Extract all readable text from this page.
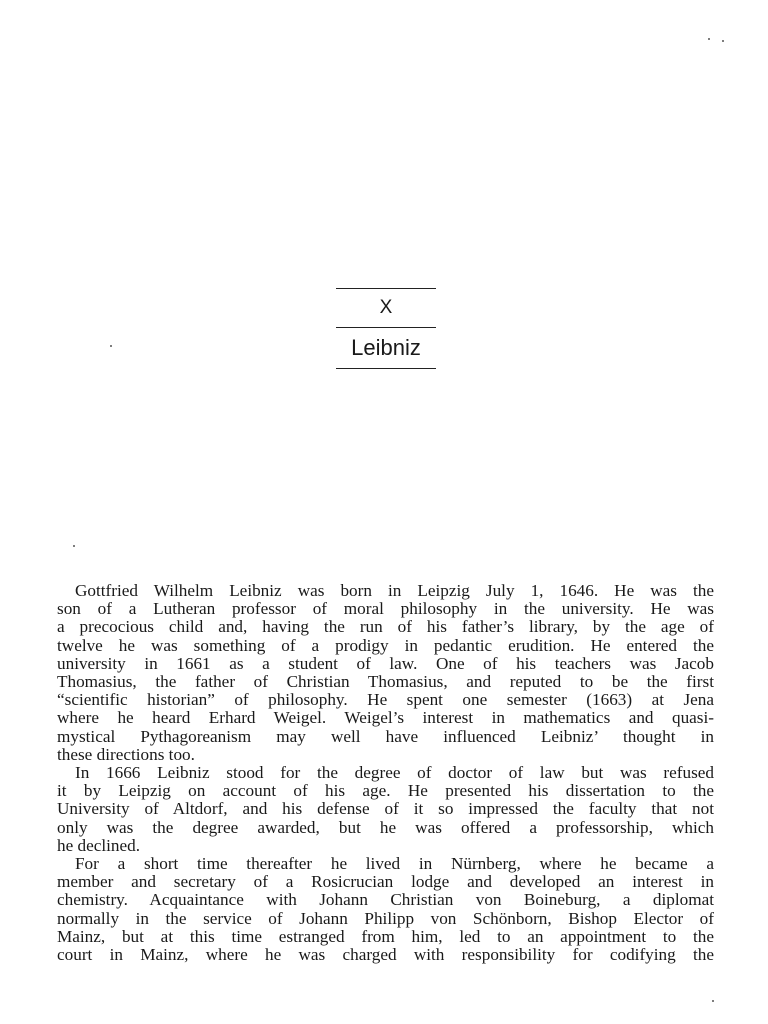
X
Leibniz
Gottfried Wilhelm Leibniz was born in Leipzig July 1, 1646. He was the
son of a Lutheran professor of moral philosophy in the university. He was
a precocious child and, having the run of his father’s library, by the age of
twelve he was something of a prodigy in pedantic erudition. He entered the
university in 1661 as a student of law. One of his teachers was Jacob
Thomasius, the father of Christian Thomasius, and reputed to be the first
“scientific historian” of philosophy. He spent one semester (1663) at Jena
where he heard Erhard Weigel. Weigel’s interest in mathematics and quasi-
mystical Pythagoreanism may well have influenced Leibniz’ thought in
these directions too.
In 1666 Leibniz stood for the degree of doctor of law but was refused
it by Leipzig on account of his age. He presented his dissertation to the
University of Altdorf, and his defense of it so impressed the faculty that not
only was the degree awarded, but he was offered a professorship, which
he declined.
For a short time thereafter he lived in Nürnberg, where he became a
member and secretary of a Rosicrucian lodge and developed an interest in
chemistry. Acquaintance with Johann Christian von Boineburg, a diplomat
normally in the service of Johann Philipp von Schönborn, Bishop Elector of
Mainz, but at this time estranged from him, led to an appointment to the
court in Mainz, where he was charged with responsibility for codifying the
